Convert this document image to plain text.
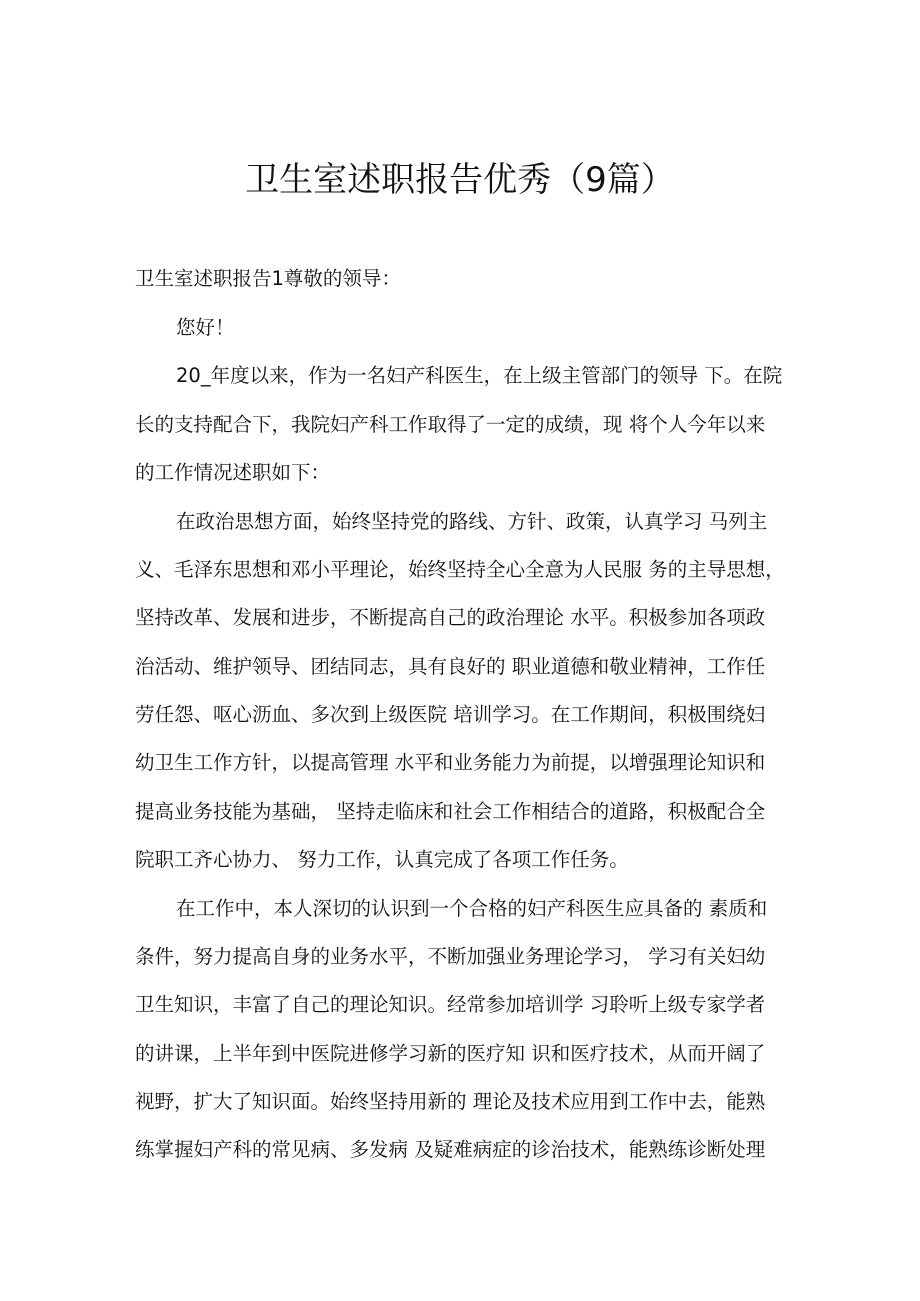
卫生室述职报告优秀（9篇）
卫生室述职报告1尊敬的领导：
您好！
20_年度以来，作为一名妇产科医生，在上级主管部门的领导 下。在院
长的支持配合下，我院妇产科工作取得了一定的成绩，现 将个人今年以来
的工作情况述职如下：
在政治思想方面，始终坚持党的路线、方针、政策，认真学习 马列主
义、毛泽东思想和邓小平理论，始终坚持全心全意为人民服 务的主导思想，
坚持改革、发展和进步，不断提高自己的政治理论 水平。积极参加各项政
治活动、维护领导、团结同志，具有良好的 职业道德和敬业精神，工作任
劳任怨、呕心沥血、多次到上级医院 培训学习。在工作期间，积极围绕妇
幼卫生工作方针，以提高管理 水平和业务能力为前提，以增强理论知识和
提高业务技能为基础， 坚持走临床和社会工作相结合的道路，积极配合全
院职工齐心协力、 努力工作，认真完成了各项工作任务。
在工作中，本人深切的认识到一个合格的妇产科医生应具备的 素质和
条件，努力提高自身的业务水平，不断加强业务理论学习， 学习有关妇幼
卫生知识，丰富了自己的理论知识。经常参加培训学 习聆听上级专家学者
的讲课，上半年到中医院进修学习新的医疗知 识和医疗技术，从而开阔了
视野，扩大了知识面。始终坚持用新的 理论及技术应用到工作中去，能熟
练掌握妇产科的常见病、多发病 及疑难病症的诊治技术，能熟练诊断处理
